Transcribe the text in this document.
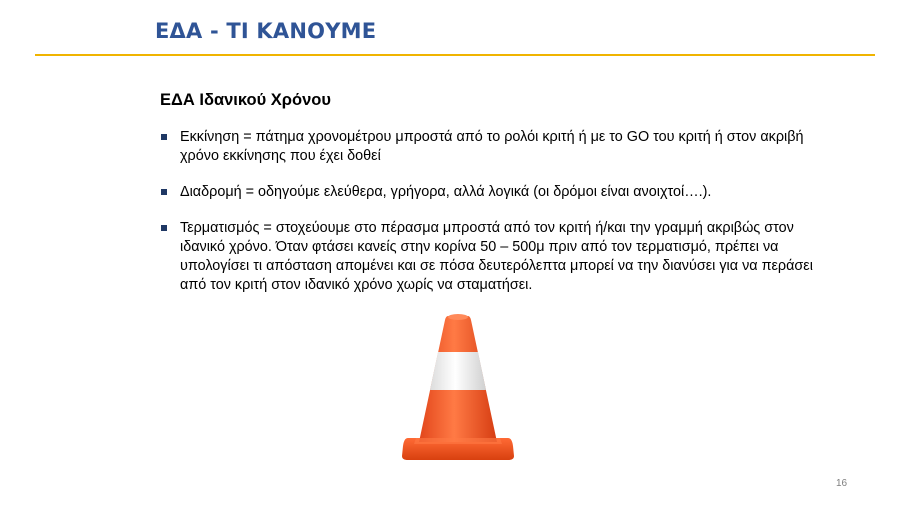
ΕΔΑ - ΤΙ ΚΑΝΟΥΜΕ
ΕΔΑ Ιδανικού Χρόνου
Εκκίνηση = πάτημα χρονομέτρου μπροστά από το ρολόι κριτή ή με το GO του κριτή ή στον ακριβή χρόνο εκκίνησης που έχει δοθεί
Διαδρομή = οδηγούμε ελεύθερα, γρήγορα, αλλά λογικά (οι δρόμοι είναι ανοιχτοί….).
Τερματισμός = στοχεύουμε στο πέρασμα μπροστά από τον κριτή ή/και την γραμμή ακριβώς στον ιδανικό χρόνο. Όταν φτάσει κανείς στην κορίνα 50 – 500μ πριν από τον τερματισμό, πρέπει να υπολογίσει τι απόσταση απομένει και σε πόσα δευτερόλεπτα μπορεί να την διανύσει για να περάσει από τον κριτή στον ιδανικό χρόνο χωρίς να σταματήσει.
16
